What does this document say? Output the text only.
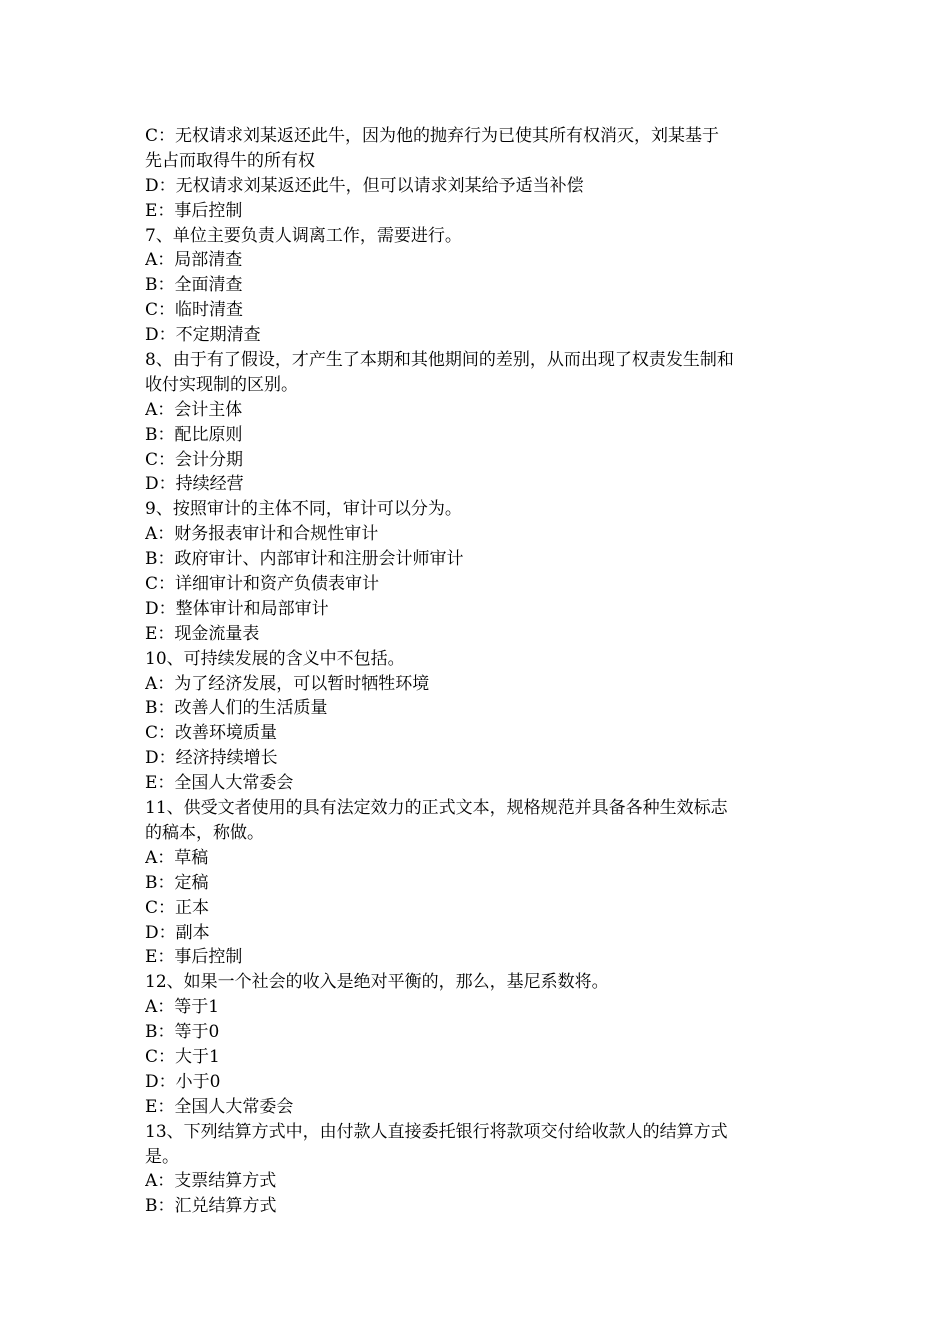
C：无权请求刘某返还此牛，因为他的抛弃行为已使其所有权消灭，刘某基于
先占而取得牛的所有权
D：无权请求刘某返还此牛，但可以请求刘某给予适当补偿
E：事后控制
7、单位主要负责人调离工作，需要进行。
A：局部清查
B：全面清查
C：临时清查
D：不定期清查
8、由于有了假设，才产生了本期和其他期间的差别，从而出现了权责发生制和
收付实现制的区别。
A：会计主体
B：配比原则
C：会计分期
D：持续经营
9、按照审计的主体不同，审计可以分为。
A：财务报表审计和合规性审计
B：政府审计、内部审计和注册会计师审计
C：详细审计和资产负债表审计
D：整体审计和局部审计
E：现金流量表
10、可持续发展的含义中不包括。
A：为了经济发展，可以暂时牺牲环境
B：改善人们的生活质量
C：改善环境质量
D：经济持续增长
E：全国人大常委会
11、供受文者使用的具有法定效力的正式文本，规格规范并具备各种生效标志
的稿本，称做。
A：草稿
B：定稿
C：正本
D：副本
E：事后控制
12、如果一个社会的收入是绝对平衡的，那么，基尼系数将。
A：等于1
B：等于0
C：大于1
D：小于0
E：全国人大常委会
13、下列结算方式中，由付款人直接委托银行将款项交付给收款人的结算方式
是。
A：支票结算方式
B：汇兑结算方式
